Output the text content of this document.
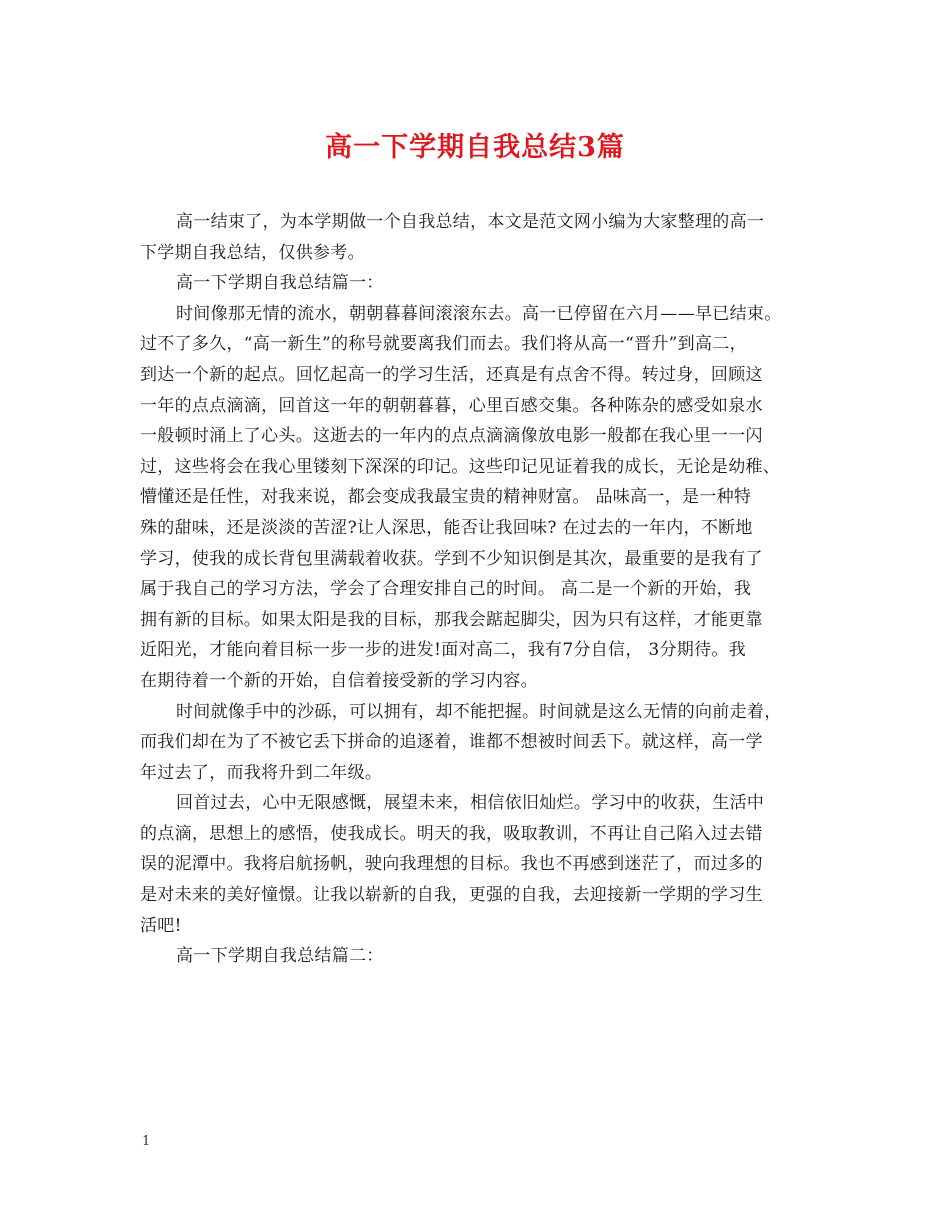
高一下学期自我总结3篇
高一结束了，为本学期做一个自我总结，本文是范文网小编为大家整理的高一
下学期自我总结，仅供参考。
高一下学期自我总结篇一：
时间像那无情的流水，朝朝暮暮间滚滚东去。高一已停留在六月——早已结束。
过不了多久，“高一新生”的称号就要离我们而去。我们将从高一“晋升”到高二，
到达一个新的起点。回忆起高一的学习生活，还真是有点舍不得。转过身，回顾这
一年的点点滴滴，回首这一年的朝朝暮暮，心里百感交集。各种陈杂的感受如泉水
一般顿时涌上了心头。这逝去的一年内的点点滴滴像放电影一般都在我心里一一闪
过，这些将会在我心里镂刻下深深的印记。这些印记见证着我的成长，无论是幼稚、
懵懂还是任性，对我来说，都会变成我最宝贵的精神财富。 品味高一，是一种特
殊的甜味，还是淡淡的苦涩?让人深思，能否让我回味? 在过去的一年内，不断地
学习，使我的成长背包里满载着收获。学到不少知识倒是其次，最重要的是我有了
属于我自己的学习方法，学会了合理安排自己的时间。 高二是一个新的开始，我
拥有新的目标。如果太阳是我的目标，那我会踮起脚尖，因为只有这样，才能更靠
近阳光，才能向着目标一步一步的进发!面对高二，我有7分自信， 3分期待。我
在期待着一个新的开始，自信着接受新的学习内容。
时间就像手中的沙砾，可以拥有，却不能把握。时间就是这么无情的向前走着，
而我们却在为了不被它丢下拼命的追逐着，谁都不想被时间丢下。就这样，高一学
年过去了，而我将升到二年级。
回首过去，心中无限感慨，展望未来，相信依旧灿烂。学习中的收获，生活中
的点滴，思想上的感悟，使我成长。明天的我，吸取教训，不再让自己陷入过去错
误的泥潭中。我将启航扬帆，驶向我理想的目标。我也不再感到迷茫了，而过多的
是对未来的美好憧憬。让我以崭新的自我，更强的自我，去迎接新一学期的学习生
活吧!
高一下学期自我总结篇二：
1
